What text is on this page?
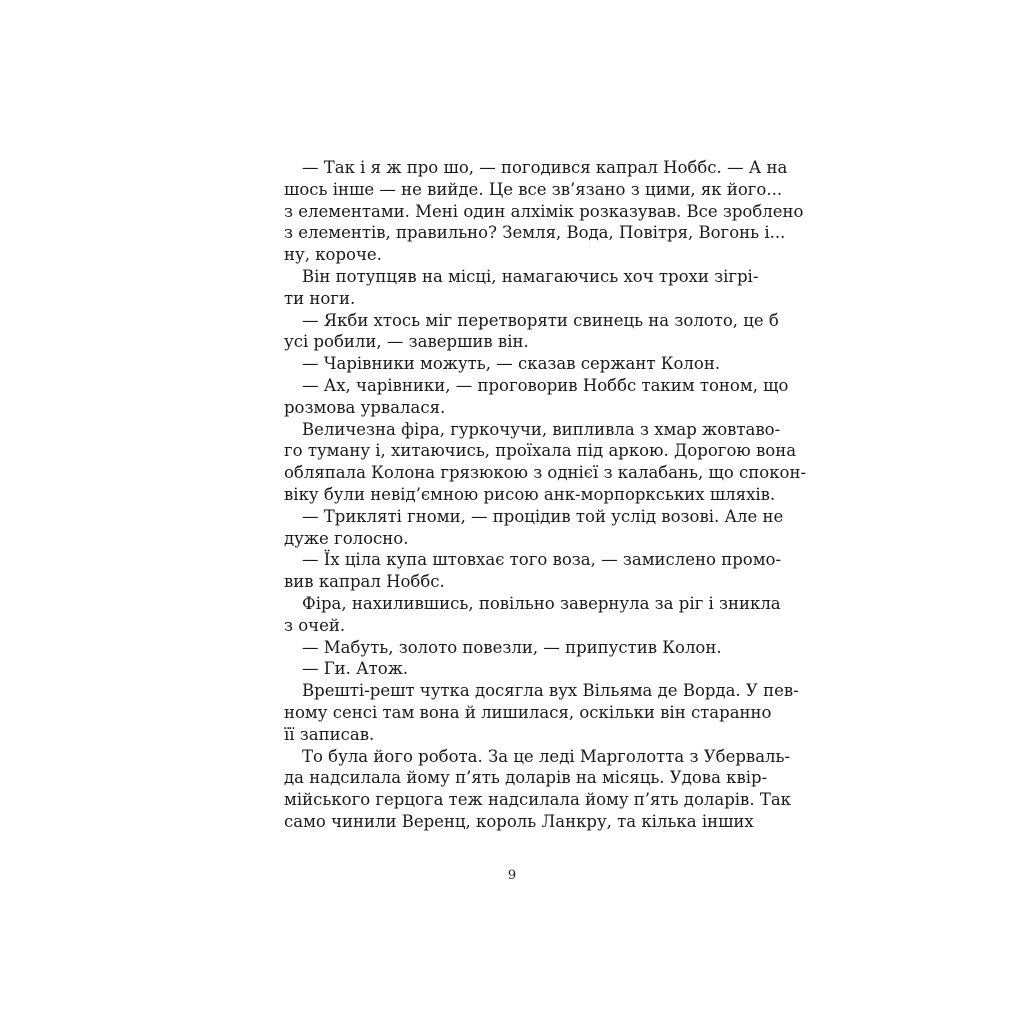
— Так і я ж про шо, — погодився капрал Ноббс. — А на
шось інше — не вийде. Це все зв’язано з цими, як його...
з елементами. Мені один алхімік розказував. Все зроблено
з елементів, правильно? Земля, Вода, Повітря, Вогонь і...
ну, короче.
Він потупцяв на місці, намагаючись хоч трохи зігрі-
ти ноги.
— Якби хтось міг перетворяти свинець на золото, це б
усі робили, — завершив він.
— Чарівники можуть, — сказав сержант Колон.
— Ах, чарівники, — проговорив Ноббс таким тоном, що
розмова урвалася.
Величезна фіра, гуркочучи, випливла з хмар жовтаво-
го туману і, хитаючись, проїхала під аркою. Дорогою вона
обляпала Колона грязюкою з однієї з калабань, що спокон-
віку були невід’ємною рисою анк-морпоркських шляхів.
— Триклятi гноми, — процідив той услід возові. Але не
дуже голосно.
— Їх ціла купа штовхає того воза, — замислено промо-
вив капрал Ноббс.
Фіра, нахилившись, повільно завернула за ріг і зникла
з очей.
— Мабуть, золото повезли, — припустив Колон.
— Ги. Атож.
Врешті-решт чутка досягла вух Вільяма де Ворда. У пев-
ному сенсі там вона й лишилася, оскільки він старанно
її записав.
То була його робота. За це леді Марголотта з Уберваль-
да надсилала йому п’ять доларів на місяць. Удова квір-
мійського герцога теж надсилала йому п’ять доларів. Так
само чинили Веренц, король Ланкру, та кілька інших
9
